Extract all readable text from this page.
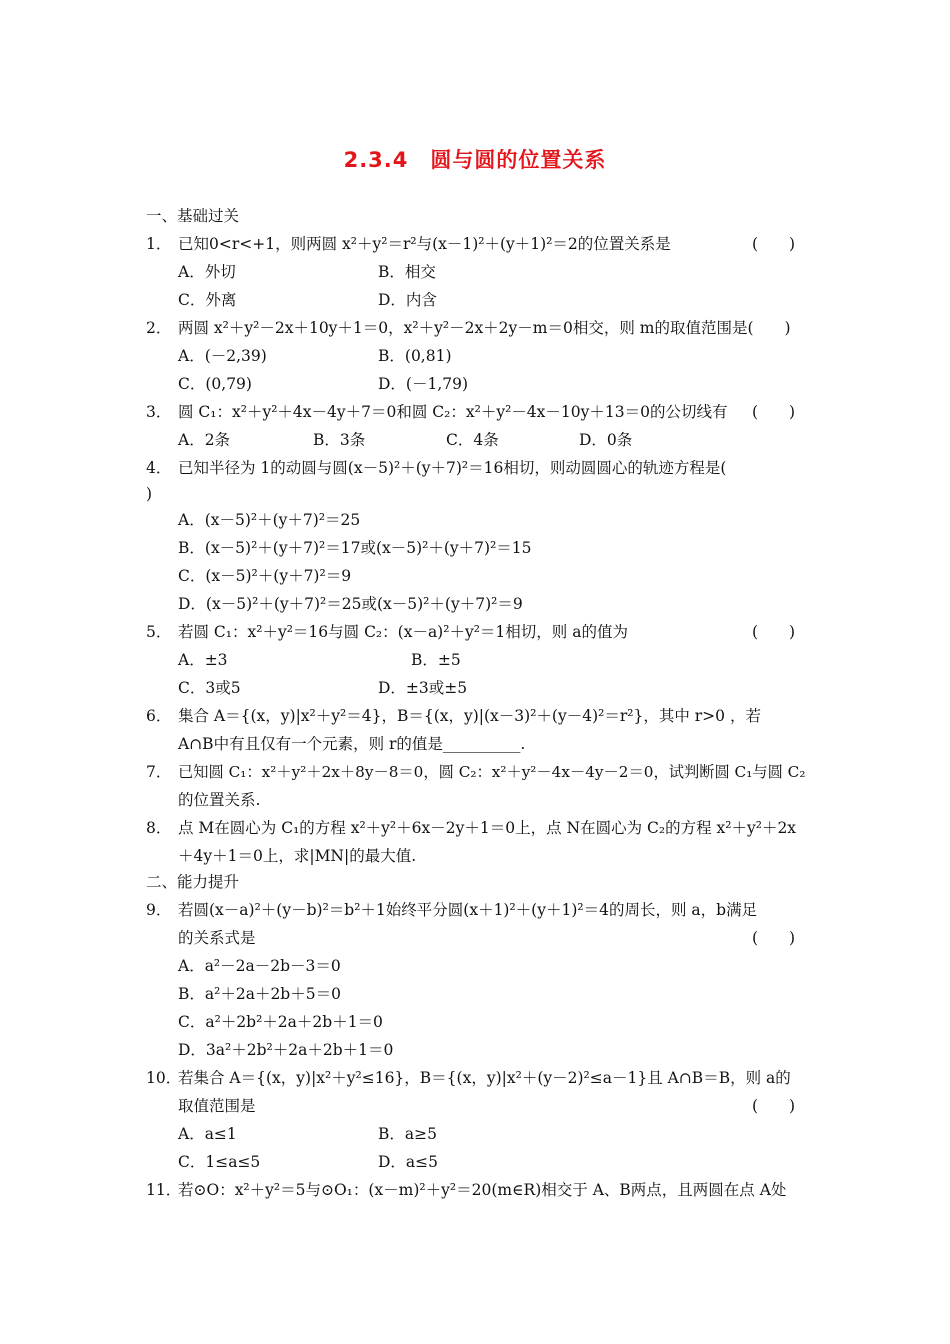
2.3.4　圆与圆的位置关系
一、基础过关
1． 已知0<r<+1，则两圆 x²＋y²＝r²与(x－1)²＋(y＋1)²＝2的位置关系是	(　　)
A．外切	B．相交
C．外离	D．内含
2． 两圆 x²＋y²－2x＋10y＋1＝0，x²＋y²－2x＋2y－m＝0相交，则 m的取值范围是(　　)
A．(－2,39)	B．(0,81)
C．(0,79)	D．(－1,79)
3． 圆 C₁：x²＋y²＋4x－4y＋7＝0和圆 C₂：x²＋y²－4x－10y＋13＝0的公切线有 (　　)
A．2条	B．3条	C．4条	D．0条
4． 已知半径为 1的动圆与圆(x－5)²＋(y＋7)²＝16相切，则动圆圆心的轨迹方程是(
)
A．(x－5)²＋(y＋7)²＝25
B．(x－5)²＋(y＋7)²＝17或(x－5)²＋(y＋7)²＝15
C．(x－5)²＋(y＋7)²＝9
D．(x－5)²＋(y＋7)²＝25或(x－5)²＋(y＋7)²＝9
5． 若圆 C₁：x²＋y²＝16与圆 C₂：(x－a)²＋y²＝1相切，则 a的值为	(　　)
A．±3	B．±5
C．3或5	D．±3或±5
6． 集合 A＝{(x，y)|x²＋y²＝4}，B＝{(x，y)|(x－3)²＋(y－4)²＝r²}，其中 r>0 ，若
A∩B中有且仅有一个元素，则 r的值是__________.
7． 已知圆 C₁：x²＋y²＋2x＋8y－8＝0，圆 C₂：x²＋y²－4x－4y－2＝0，试判断圆 C₁与圆 C₂
的位置关系.
8． 点 M在圆心为 C₁的方程 x²＋y²＋6x－2y＋1＝0上，点 N在圆心为 C₂的方程 x²＋y²＋2x
＋4y＋1＝0上，求|MN|的最大值.
二、能力提升
9． 若圆(x－a)²＋(y－b)²＝b²＋1始终平分圆(x＋1)²＋(y＋1)²＝4的周长，则 a，b满足
的关系式是	(　　)
A．a²－2a－2b－3＝0
B．a²＋2a＋2b＋5＝0
C．a²＋2b²＋2a＋2b＋1＝0
D．3a²＋2b²＋2a＋2b＋1＝0
10．
若集合 A＝{(x，y)|x²＋y²≤16}，B＝{(x，y)|x²＋(y－2)²≤a－1}且 A∩B＝B，则 a的
取值范围是	(　　)
A．a≤1	B．a≥5
C．1≤a≤5	D．a≤5
11．
若⊙O：x²＋y²＝5与⊙O₁：(x－m)²＋y²＝20(m∈R)相交于 A、B两点，且两圆在点 A处
